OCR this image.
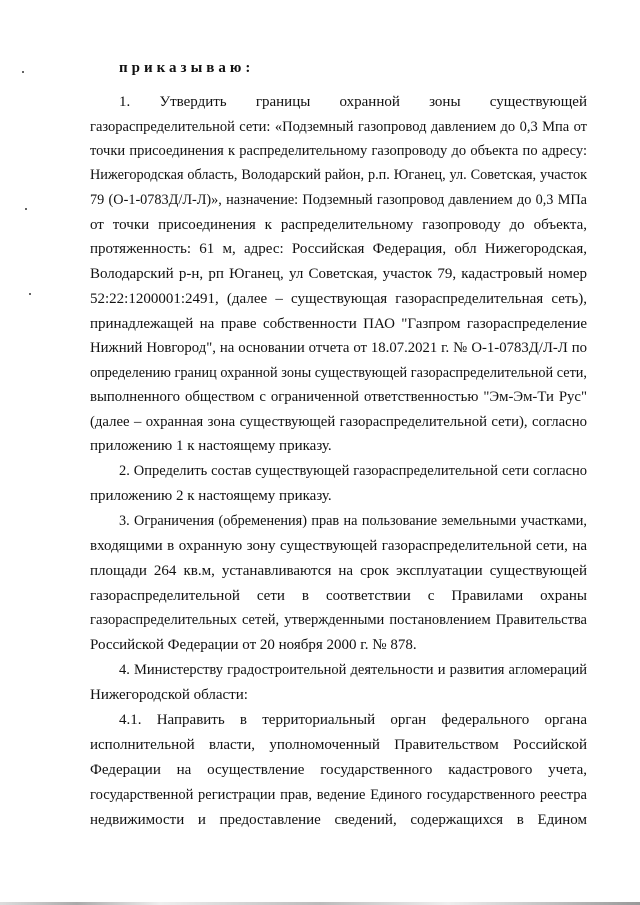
приказываю:
1. Утвердить границы охранной зоны существующей
газораспределительной сети: «Подземный газопровод давлением до 0,3 Мпа от
точки присоединения к распределительному газопроводу до объекта по адресу:
Нижегородская область, Володарский район, р.п. Юганец, ул. Советская, участок
79 (О-1-0783Д/Л-Л)», назначение: Подземный газопровод давлением до 0,3 МПа
от точки присоединения к распределительному газопроводу до объекта,
протяженность: 61 м, адрес: Российская Федерация, обл Нижегородская,
Володарский р-н, рп Юганец, ул Советская, участок 79, кадастровый номер
52:22:1200001:2491, (далее – существующая газораспределительная сеть),
принадлежащей на праве собственности ПАО "Газпром газораспределение
Нижний Новгород", на основании отчета от 18.07.2021 г. № О-1-0783Д/Л-Л по
определению границ охранной зоны существующей газораспределительной сети,
выполненного обществом с ограниченной ответственностью "Эм-Эм-Ти Рус"
(далее – охранная зона существующей газораспределительной сети), согласно
приложению 1 к настоящему приказу.
2. Определить состав существующей газораспределительной сети согласно
приложению 2 к настоящему приказу.
3. Ограничения (обременения) прав на пользование земельными участками,
входящими в охранную зону существующей газораспределительной сети, на
площади 264 кв.м, устанавливаются на срок эксплуатации существующей
газораспределительной сети в соответствии с Правилами охраны
газораспределительных сетей, утвержденными постановлением Правительства
Российской Федерации от 20 ноября 2000 г. № 878.
4. Министерству градостроительной деятельности и развития агломераций
Нижегородской области:
4.1. Направить в территориальный орган федерального органа
исполнительной власти, уполномоченный Правительством Российской
Федерации на осуществление государственного кадастрового учета,
государственной регистрации прав, ведение Единого государственного реестра
недвижимости и предоставление сведений, содержащихся в Едином
